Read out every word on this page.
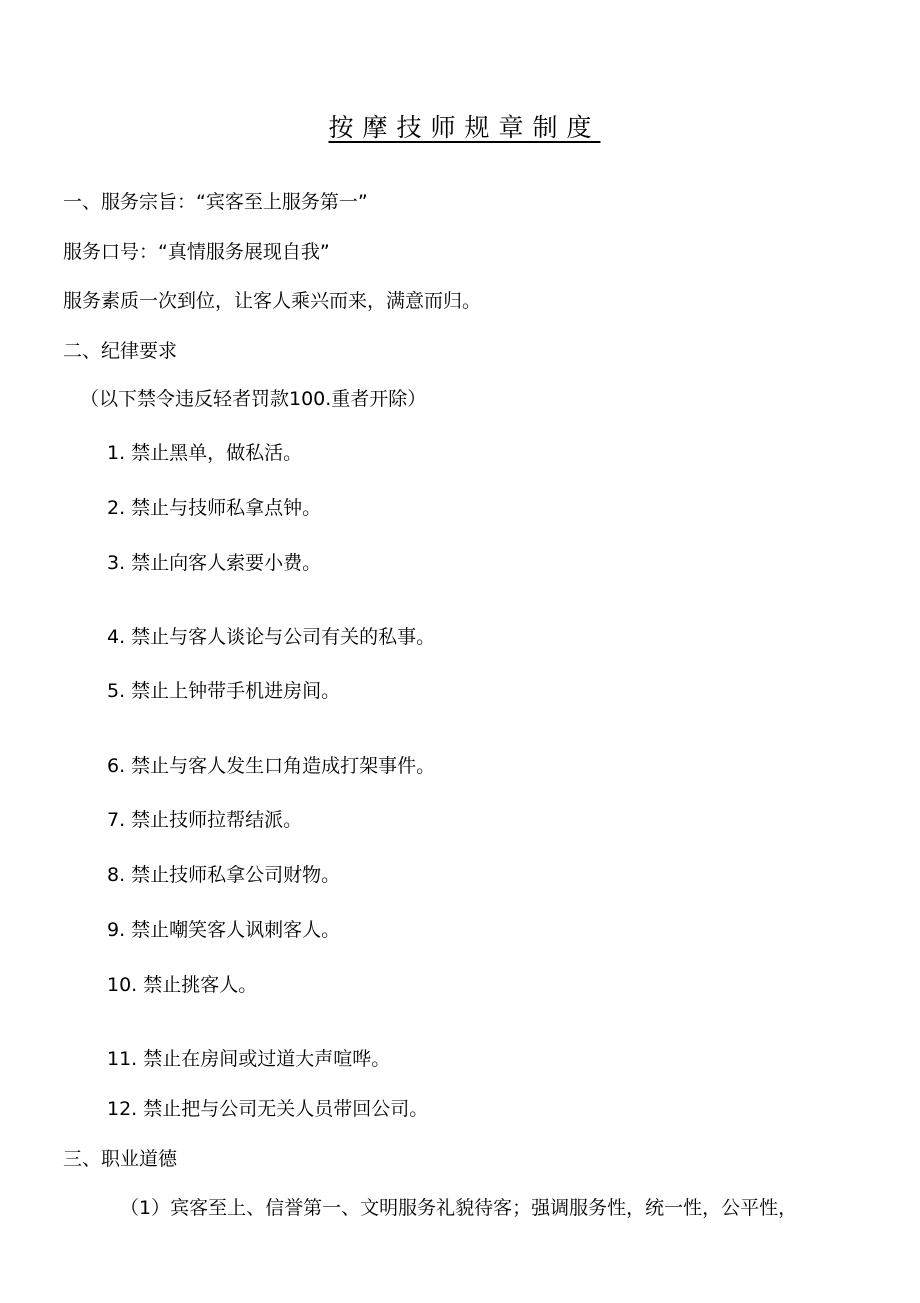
按摩技师规章制度
一、服务宗旨：“宾客至上服务第一”
服务口号：“真情服务展现自我”
服务素质一次到位，让客人乘兴而来，满意而归。
二、纪律要求
（以下禁令违反轻者罚款100.重者开除）
1. 禁止黑单，做私活。
2. 禁止与技师私拿点钟。
3. 禁止向客人索要小费。
4. 禁止与客人谈论与公司有关的私事。
5. 禁止上钟带手机进房间。
6. 禁止与客人发生口角造成打架事件。
7. 禁止技师拉帮结派。
8. 禁止技师私拿公司财物。
9. 禁止嘲笑客人讽刺客人。
10. 禁止挑客人。
11. 禁止在房间或过道大声喧哗。
12. 禁止把与公司无关人员带回公司。
三、职业道德
（1）宾客至上、信誉第一、文明服务礼貌待客；强调服务性，统一性，公平性，
